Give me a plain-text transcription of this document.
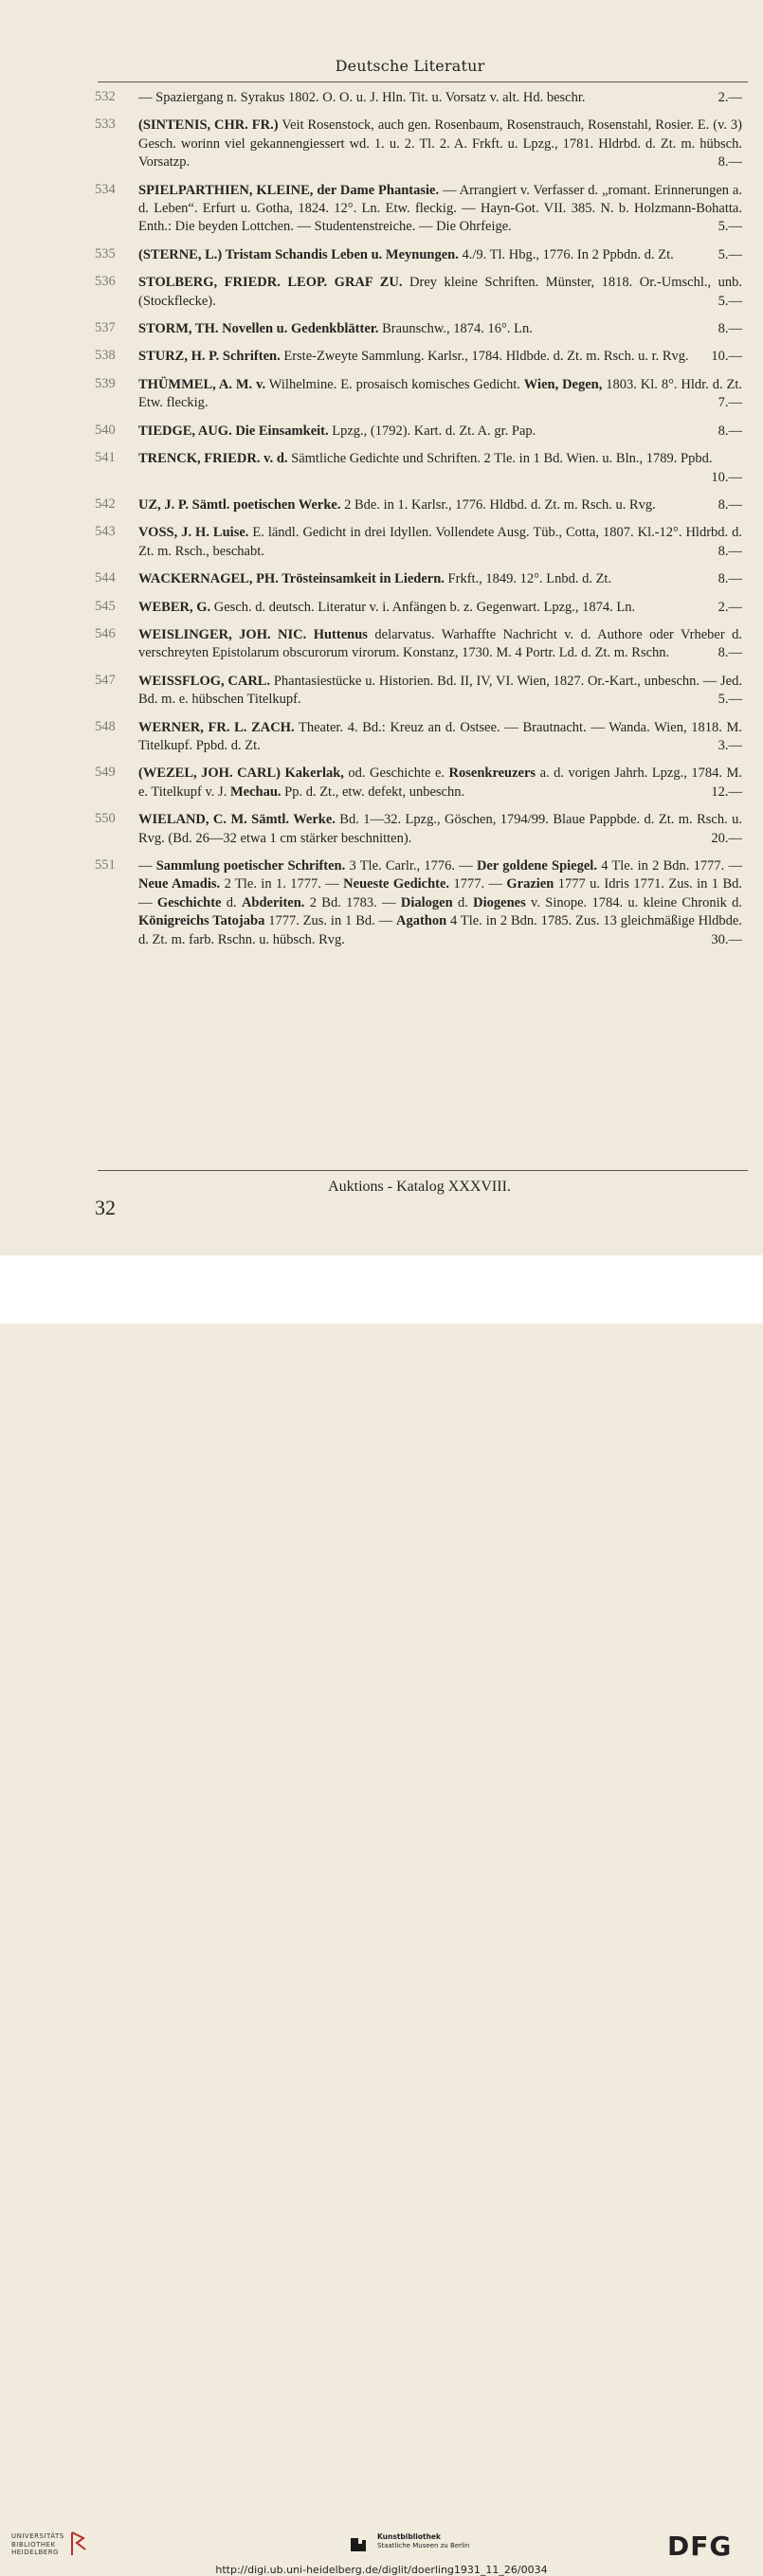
Deutsche Literatur
532 — Spaziergang n. Syrakus 1802. O. O. u. J. Hln. Tit. u. Vorsatz v. alt. Hd. beschr.	2.—
533 (SINTENIS, CHR. FR.) Veit Rosenstock, auch gen. Rosenbaum, Rosenstrauch, Rosenstahl, Rosier. E. (v. 3) Gesch. worinn viel gekannengiessert wd. 1. u. 2. Tl. 2. A. Frkft. u. Lpzg., 1781. Hldrbd. d. Zt. m. hübsch. Vorsatzp.	8.—
534 SPIELPARTHIEN, KLEINE, der Dame Phantasie. — Arrangiert v. Verfasser d. „romant. Erinnerungen a. d. Leben“. Erfurt u. Gotha, 1824. 12°. Ln. Etw. fleckig. — Hayn-Got. VII. 385. N. b. Holzmann-Bohatta. Enth.: Die beyden Lottchen. — Studentenstreiche. — Die Ohrfeige.	5.—
535 (STERNE, L.) Tristam Schandis Leben u. Meynungen. 4./9. Tl. Hbg., 1776. In 2 Ppbdn. d. Zt.	5.—
536 STOLBERG, FRIEDR. LEOP. GRAF ZU. Drey kleine Schriften. Münster, 1818. Or.-Umschl., unb. (Stockflecke).	5.—
537 STORM, TH. Novellen u. Gedenkblätter. Braunschw., 1874. 16°. Ln.	8.—
538 STURZ, H. P. Schriften. Erste-Zweyte Sammlung. Karlsr., 1784. Hldbde. d. Zt. m. Rsch. u. r. Rvg. 10.—
539 THÜMMEL, A. M. v. Wilhelmine. E. prosaisch komisches Gedicht. Wien, Degen, 1803. Kl. 8°. Hldr. d. Zt. Etw. fleckig.	7.—
540 TIEDGE, AUG. Die Einsamkeit. Lpzg., (1792). Kart. d. Zt. A. gr. Pap.	8.—
541 TRENCK, FRIEDR. v. d. Sämtliche Gedichte und Schriften. 2 Tle. in 1 Bd. Wien. u. Bln., 1789. Ppbd.
10.—
542 UZ, J. P. Sämtl. poetischen Werke. 2 Bde. in 1. Karlsr., 1776. Hldbd. d. Zt. m. Rsch. u. Rvg.	8.—
543 VOSS, J. H. Luise. E. ländl. Gedicht in drei Idyllen. Vollendete Ausg. Tüb., Cotta, 1807. Kl.-12°. Hldrbd. d. Zt. m. Rsch., beschabt.	8.—
544 WACKERNAGEL, PH. Trösteinsamkeit in Liedern. Frkft., 1849. 12°. Lnbd. d. Zt.	8.—
545 WEBER, G. Gesch. d. deutsch. Literatur v. i. Anfängen b. z. Gegenwart. Lpzg., 1874. Ln.	2.—
546 WEISLINGER, JOH. NIC. Huttenus delarvatus. Warhaffte Nachricht v. d. Authore oder Vrheber d. verschreyten Epistolarum obscurorum virorum. Konstanz, 1730. M. 4 Portr. Ld. d. Zt. m. Rschn.	8.—
547 WEISSFLOG, CARL. Phantasiestücke u. Historien. Bd. II, IV, VI. Wien, 1827. Or.-Kart., unbeschn. — Jed. Bd. m. e. hübschen Titelkupf.	5.—
548 WERNER, FR. L. ZACH. Theater. 4. Bd.: Kreuz an d. Ostsee. — Brautnacht. — Wanda. Wien, 1818. M. Titelkupf. Ppbd. d. Zt.	3.—
549 (WEZEL, JOH. CARL) Kakerlak, od. Geschichte e. Rosenkreuzers a. d. vorigen Jahrh. Lpzg., 1784. M. e. Titelkupf v. J. Mechau. Pp. d. Zt., etw. defekt, unbeschn.	12.—
550 WIELAND, C. M. Sämtl. Werke. Bd. 1—32. Lpzg., Göschen, 1794/99. Blaue Pappbde. d. Zt. m. Rsch. u. Rvg. (Bd. 26—32 etwa 1 cm stärker beschnitten).	20.—
551 — Sammlung poetischer Schriften. 3 Tle. Carlr., 1776. — Der goldene Spiegel. 4 Tle. in 2 Bdn. 1777. — Neue Amadis. 2 Tle. in 1. 1777. — Neueste Gedichte. 1777. — Grazien 1777 u. Idris 1771. Zus. in 1 Bd. — Geschichte d. Abderiten. 2 Bd. 1783. — Dialogen d. Diogenes v. Sinope. 1784. u. kleine Chronik d. Königreichs Tatojaba 1777. Zus. in 1 Bd. — Agathon 4 Tle. in 2 Bdn. 1785. Zus. 13 gleichmäßige Hldbde. d. Zt. m. farb. Rschn. u. hübsch. Rvg.	30.—
Auktions - Katalog XXXVIII.
32
UNIVERSITÄTS
BIBLIOTHEK
HEIDELBERG
Kunstbibliothek
Staatliche Museen zu Berlin	DFG
http://digi.ub.uni-heidelberg.de/diglit/doerling1931_11_26/0034
